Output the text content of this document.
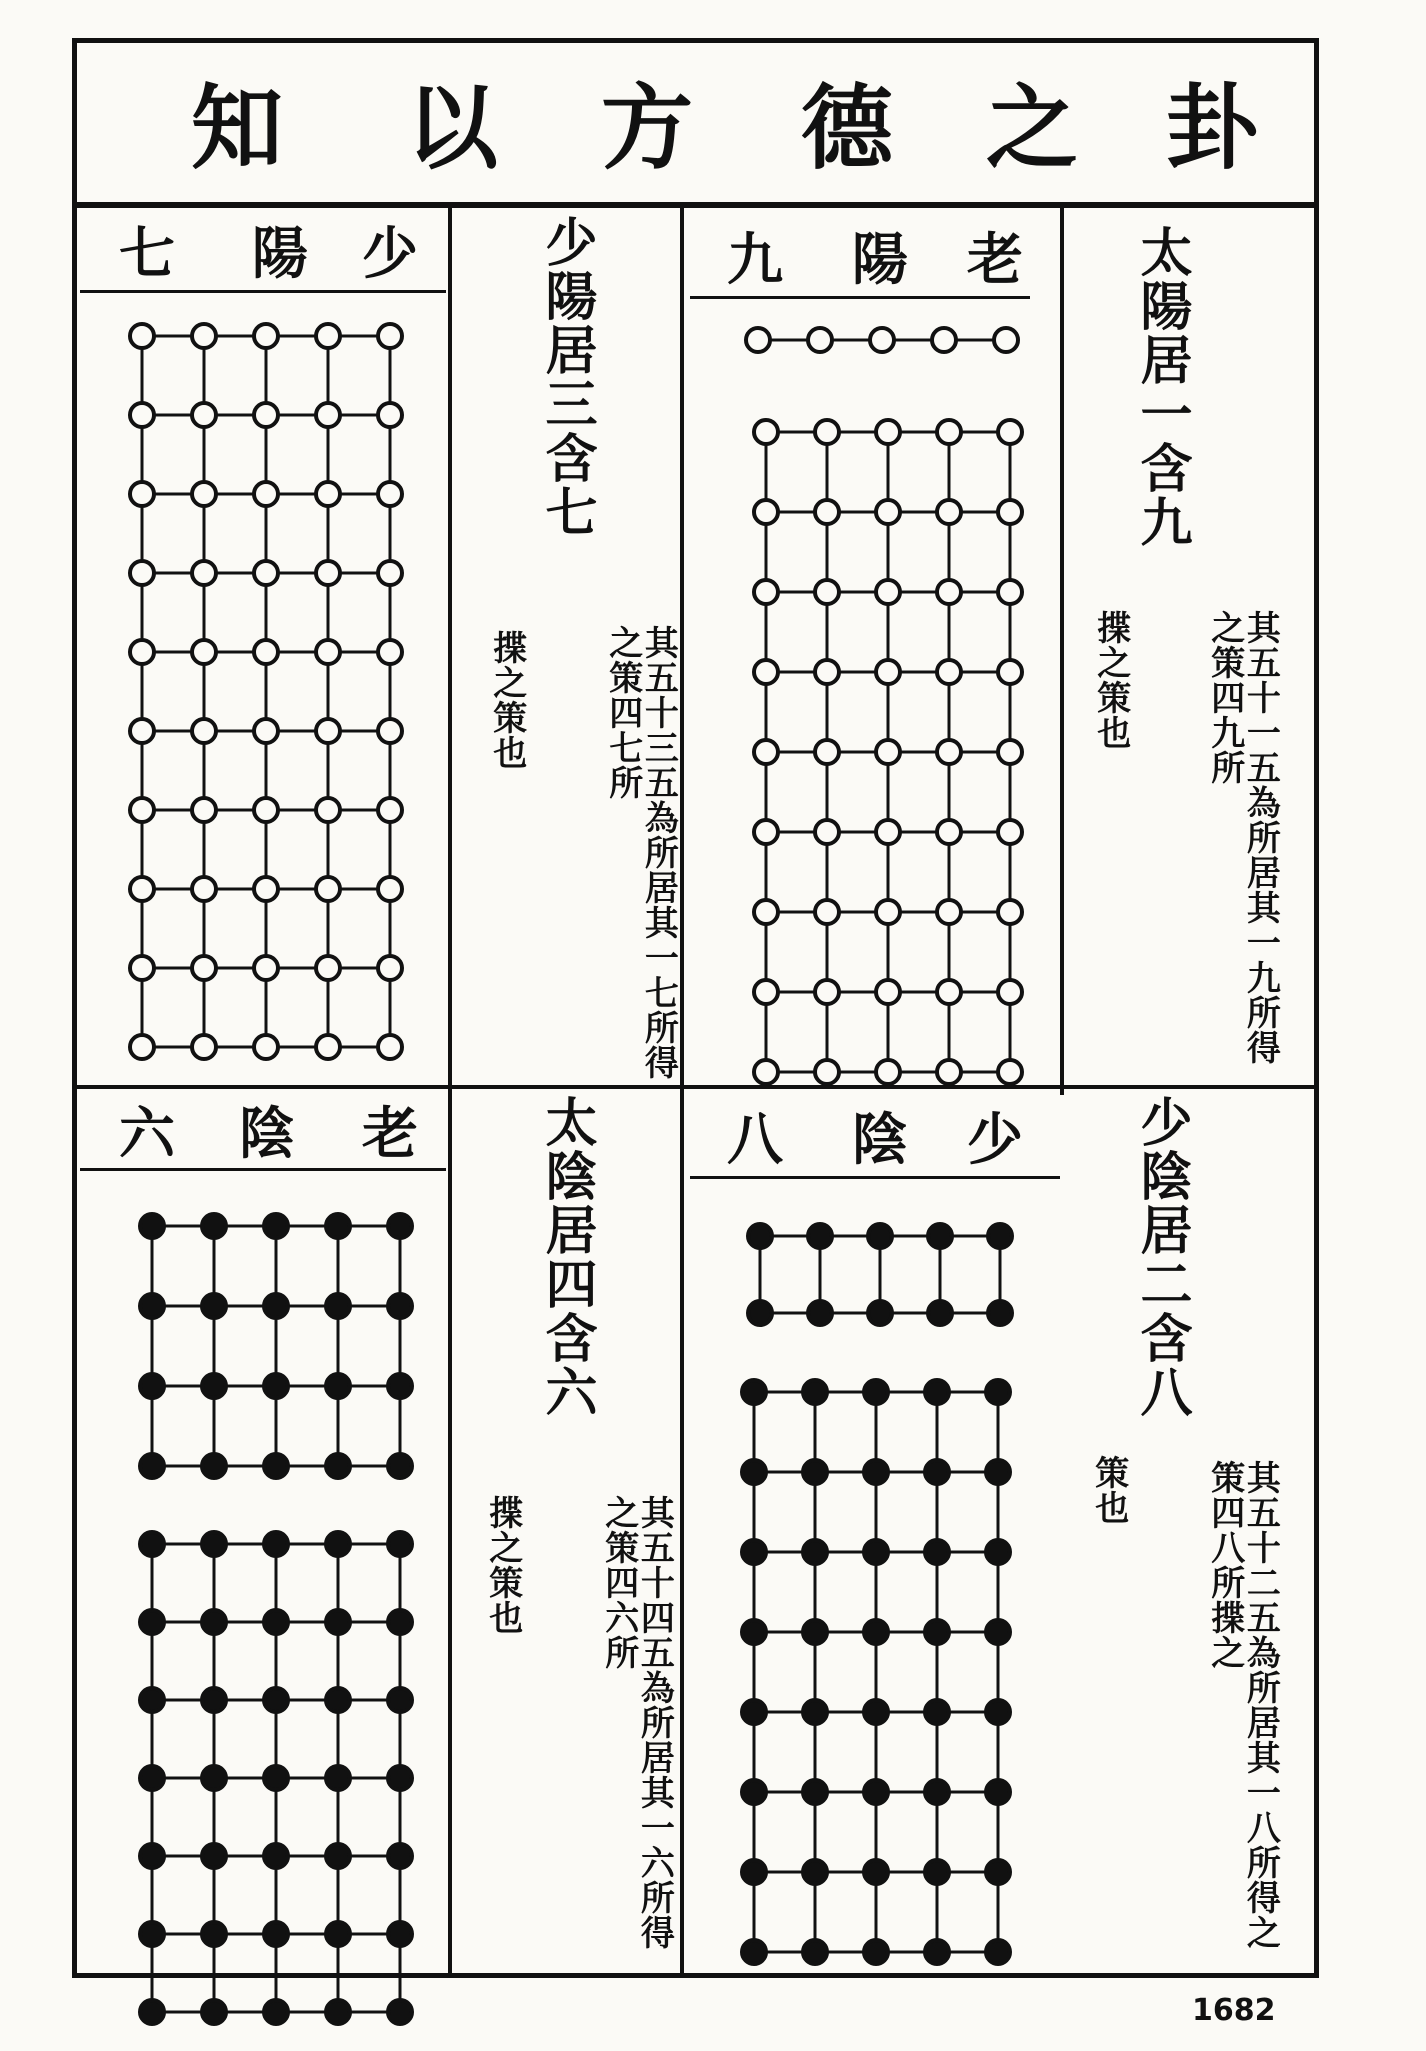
知 以 方 德 之 卦
七 陽 少	九 陽 老
六 陰 老	八 陰 少
少陽居三含七
其五十三五為所居其一七所得之策四七所
揲之策也
太陽居一含九
其五十一五為所居其一九所得之策四九所
揲之策也
太陰居四含六
其五十四五為所居其一六所得之策四六所
揲之策也
少陰居二含八
其五十二五為所居其一八所得之策四八所揲之
策也
1682
